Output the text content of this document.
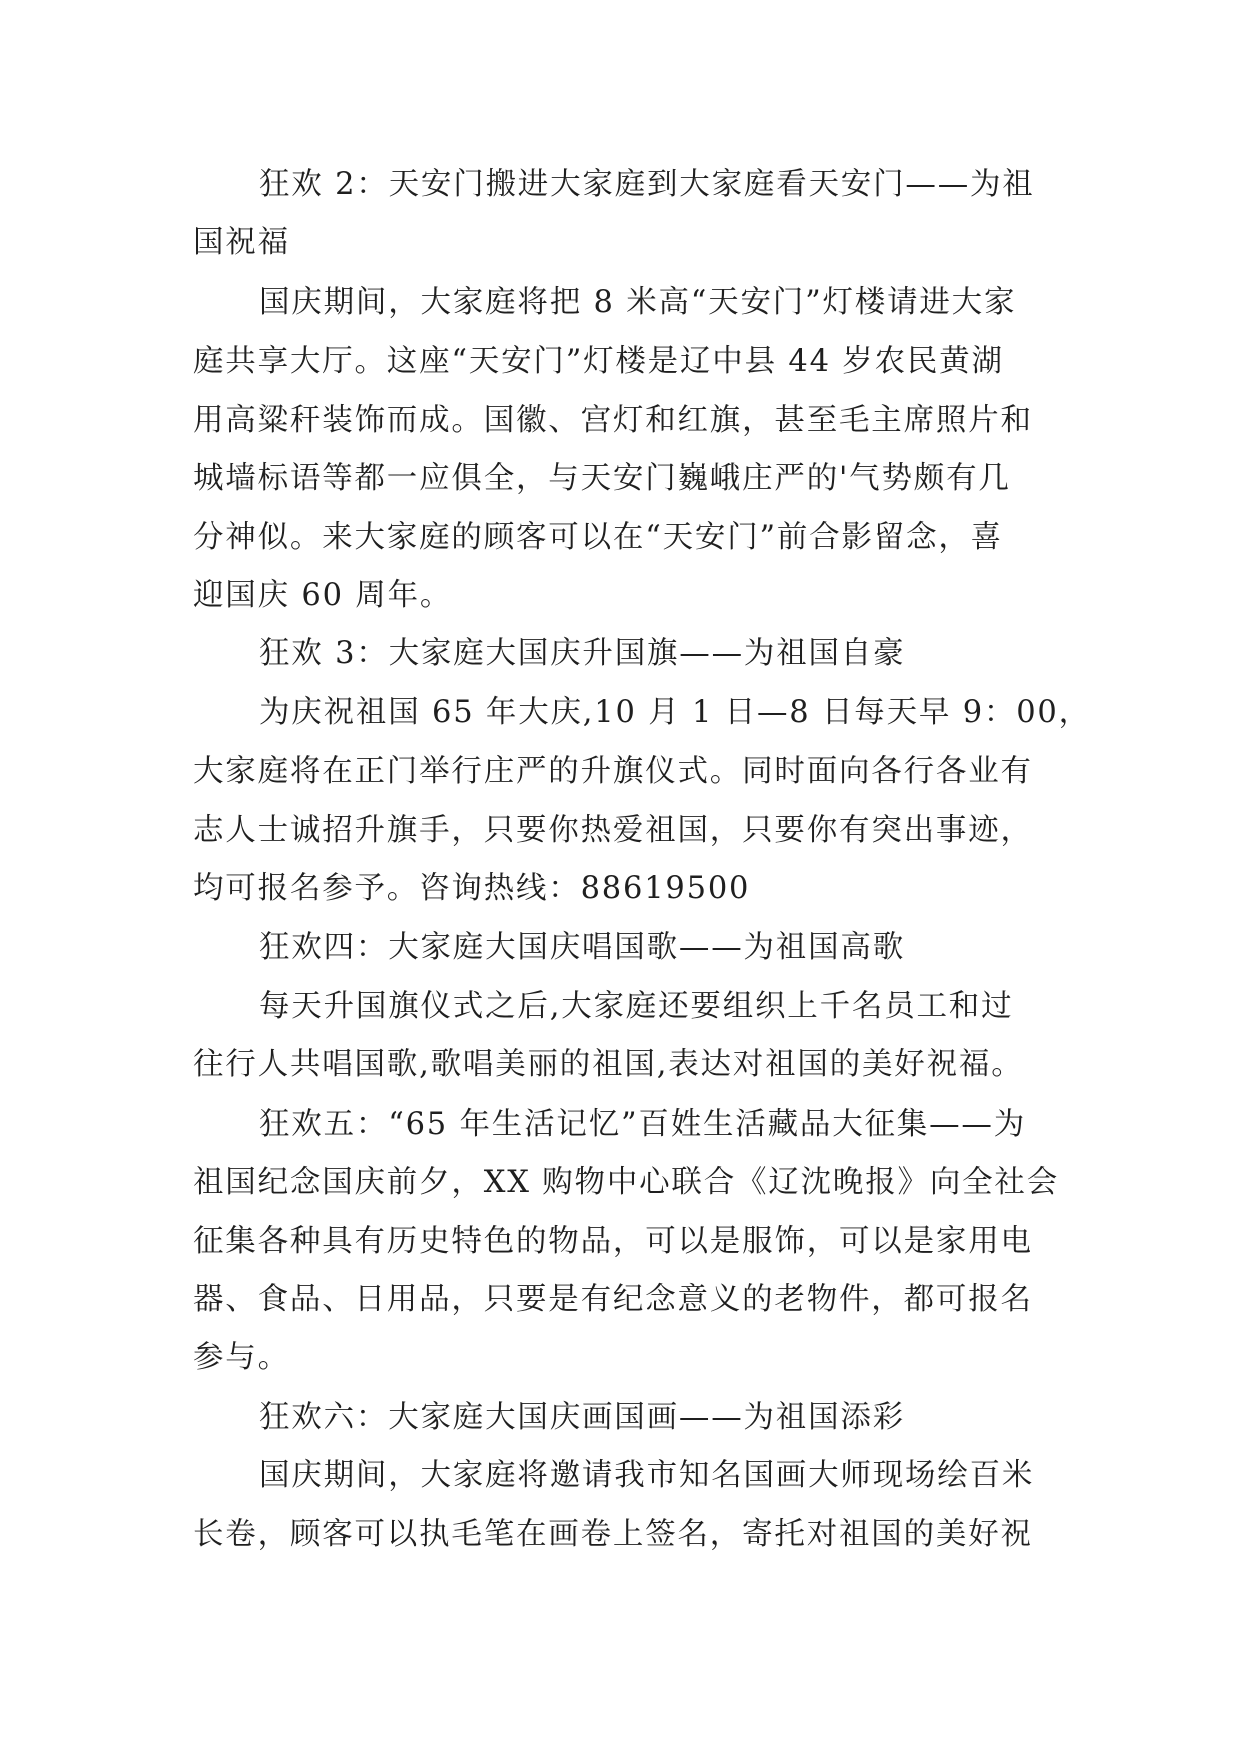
狂欢 2：天安门搬进大家庭到大家庭看天安门——为祖

国祝福

国庆期间，大家庭将把 8 米高“天安门”灯楼请进大家

庭共享大厅。这座“天安门”灯楼是辽中县 44 岁农民黄湖

用高粱秆装饰而成。国徽、宫灯和红旗，甚至毛主席照片和

城墙标语等都一应俱全，与天安门巍峨庄严的'气势颇有几

分神似。来大家庭的顾客可以在“天安门”前合影留念，喜

迎国庆 60 周年。

狂欢 3：大家庭大国庆升国旗——为祖国自豪

为庆祝祖国 65 年大庆,10 月 1 日—8 日每天早 9：00，

大家庭将在正门举行庄严的升旗仪式。同时面向各行各业有

志人士诚招升旗手，只要你热爱祖国，只要你有突出事迹，

均可报名参予。咨询热线：88619500

狂欢四：大家庭大国庆唱国歌——为祖国高歌

每天升国旗仪式之后,大家庭还要组织上千名员工和过

往行人共唱国歌,歌唱美丽的祖国,表达对祖国的美好祝福。

狂欢五：“65 年生活记忆”百姓生活藏品大征集——为

祖国纪念国庆前夕，XX 购物中心联合《辽沈晚报》向全社会

征集各种具有历史特色的物品，可以是服饰，可以是家用电

器、食品、日用品，只要是有纪念意义的老物件，都可报名

参与。

狂欢六：大家庭大国庆画国画——为祖国添彩

国庆期间，大家庭将邀请我市知名国画大师现场绘百米

长卷，顾客可以执毛笔在画卷上签名，寄托对祖国的美好祝
